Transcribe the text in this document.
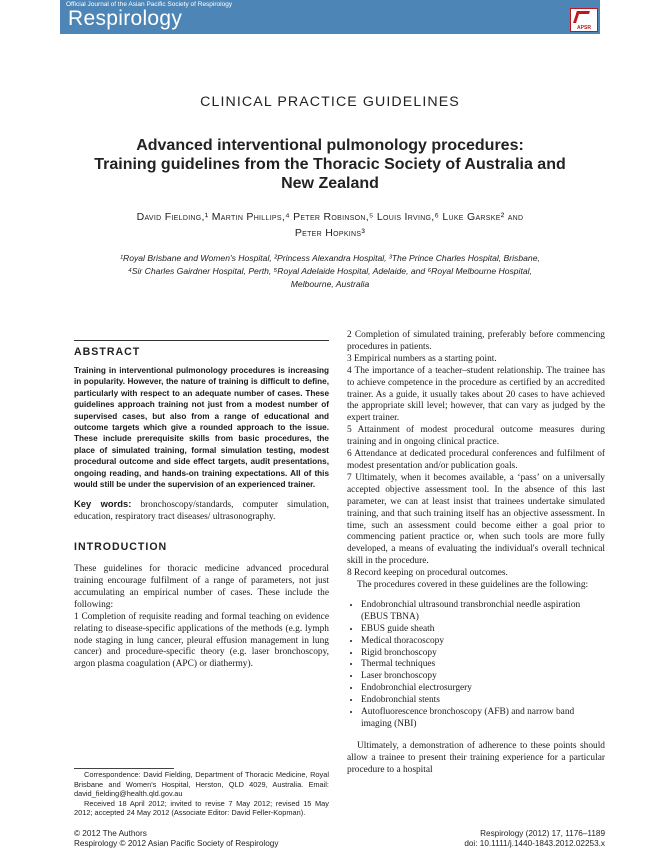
Official Journal of the Asian Pacific Society of Respirology
Respirology	APSR
CLINICAL PRACTICE GUIDELINES
Advanced interventional pulmonology procedures:
Training guidelines from the Thoracic Society of Australia and
New Zealand
David Fielding,¹ Martin Phillips,⁴ Peter Robinson,⁵ Louis Irving,⁶ Luke Garske² and
Peter Hopkins³
¹Royal Brisbane and Women's Hospital, ²Princess Alexandra Hospital, ³The Prince Charles Hospital, Brisbane,
⁴Sir Charles Gairdner Hospital, Perth, ⁵Royal Adelaide Hospital, Adelaide, and ⁶Royal Melbourne Hospital,
Melbourne, Australia
ABSTRACT

Training in interventional pulmonology procedures is increasing in popularity. However, the nature of training is difficult to define, particularly with respect to an adequate number of cases. These guidelines approach training not just from a modest number of supervised cases, but also from a range of educational and outcome targets which give a rounded approach to the issue. These include prerequisite skills from basic procedures, the place of simulated training, formal simulation testing, modest procedural outcome and side effect targets, audit presentations, ongoing reading, and hands-on training expectations. All of this would still be under the supervision of an experienced trainer.

Key words: bronchoscopy/standards, computer simulation, education, respiratory tract diseases/ ultrasonography.

INTRODUCTION

These guidelines for thoracic medicine advanced procedural training encourage fulfilment of a range of parameters, not just accumulating an empirical number of cases. These include the following:

1 Completion of requisite reading and formal teaching on evidence relating to disease-specific applications of the methods (e.g. lymph node staging in lung cancer, pleural effusion management in lung cancer) and procedure-specific theory (e.g. laser bronchoscopy, argon plasma coagulation (APC) or diathermy).

2 Completion of simulated training, preferably before commencing procedures in patients.

3 Empirical numbers as a starting point.

4 The importance of a teacher–student relationship. The trainee has to achieve competence in the procedure as certified by an accredited trainer. As a guide, it usually takes about 20 cases to have achieved the appropriate skill level; however, that can vary as judged by the expert trainer.

5 Attainment of modest procedural outcome measures during training and in ongoing clinical practice.

6 Attendance at dedicated procedural conferences and fulfilment of modest presentation and/or publication goals.

7 Ultimately, when it becomes available, a ‘pass’ on a universally accepted objective assessment tool. In the absence of this last parameter, we can at least insist that trainees undertake simulated training, and that such training itself has an objective assessment. In time, such an assessment could become either a goal prior to commencing patient practice or, when such tools are more fully developed, a means of evaluating the individual's overall technical skill in the procedure.

8 Record keeping on procedural outcomes.

The procedures covered in these guidelines are the following:

• Endobronchial ultrasound transbronchial needle aspiration (EBUS TBNA)
• EBUS guide sheath
• Medical thoracoscopy
• Rigid bronchoscopy
• Thermal techniques
• Laser bronchoscopy
• Endobronchial electrosurgery
• Endobronchial stents
• Autofluorescence bronchoscopy (AFB) and narrow band imaging (NBI)

Ultimately, a demonstration of adherence to these points should allow a trainee to present their training experience for a particular procedure to a hospital

Correspondence: David Fielding, Department of Thoracic Medicine, Royal Brisbane and Women's Hospital, Herston, QLD 4029, Australia. Email: david_fielding@health.qld.gov.au
Received 18 April 2012; invited to revise 7 May 2012; revised 15 May 2012; accepted 24 May 2012 (Associate Editor: David Feller-Kopman).
© 2012 The Authors
Respirology © 2012 Asian Pacific Society of Respirology
Respirology (2012) 17, 1176–1189
doi: 10.1111/j.1440-1843.2012.02253.x
